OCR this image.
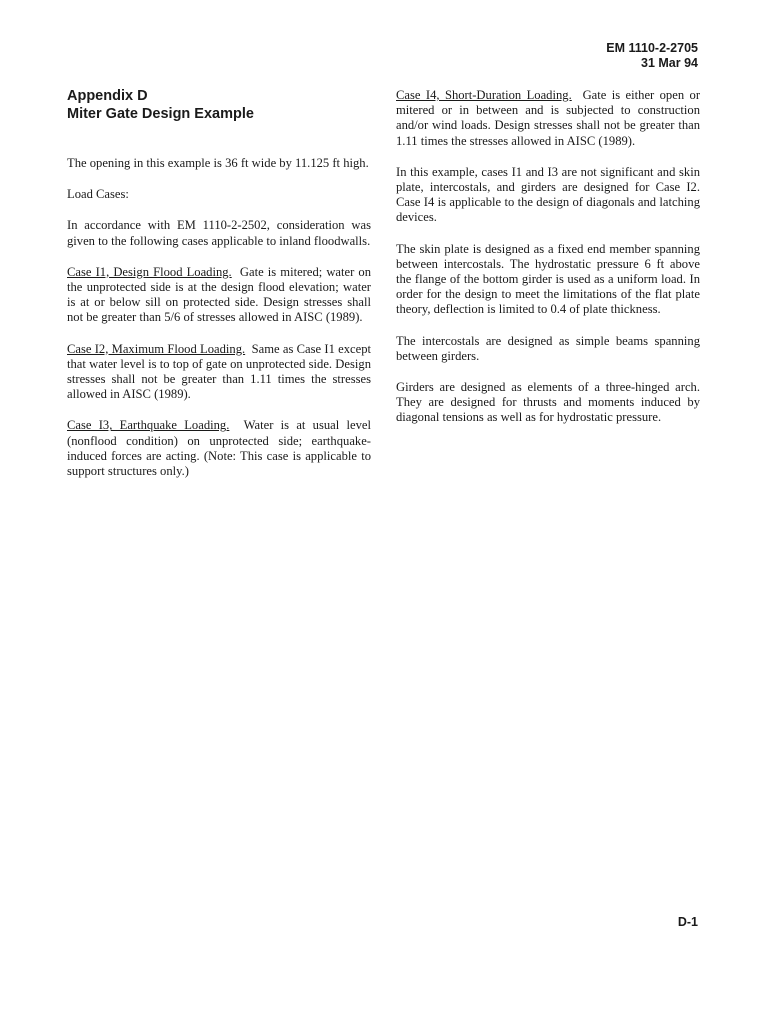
EM 1110-2-2705
31 Mar 94
Appendix D
Miter Gate Design Example

The opening in this example is 36 ft wide by 11.125 ft high.

Load Cases:

In accordance with EM 1110-2-2502, consideration was given to the following cases applicable to inland floodwalls.

Case I1, Design Flood Loading. Gate is mitered; water on the unprotected side is at the design flood elevation; water is at or below sill on protected side. Design stresses shall not be greater than 5/6 of stresses allowed in AISC (1989).

Case I2, Maximum Flood Loading. Same as Case I1 except that water level is to top of gate on unprotected side. Design stresses shall not be greater than 1.11 times the stresses allowed in AISC (1989).

Case I3, Earthquake Loading. Water is at usual level (nonflood condition) on unprotected side; earthquake-induced forces are acting. (Note: This case is applicable to support structures only.)

Case I4, Short-Duration Loading. Gate is either open or mitered or in between and is subjected to construction and/or wind loads. Design stresses shall not be greater than 1.11 times the stresses allowed in AISC (1989).

In this example, cases I1 and I3 are not significant and skin plate, intercostals, and girders are designed for Case I2. Case I4 is applicable to the design of diagonals and latching devices.

The skin plate is designed as a fixed end member spanning between intercostals. The hydrostatic pressure 6 ft above the flange of the bottom girder is used as a uniform load. In order for the design to meet the limitations of the flat plate theory, deflection is limited to 0.4 of plate thickness.

The intercostals are designed as simple beams spanning between girders.

Girders are designed as elements of a three-hinged arch. They are designed for thrusts and moments induced by diagonal tensions as well as for hydrostatic pressure.

D-1
